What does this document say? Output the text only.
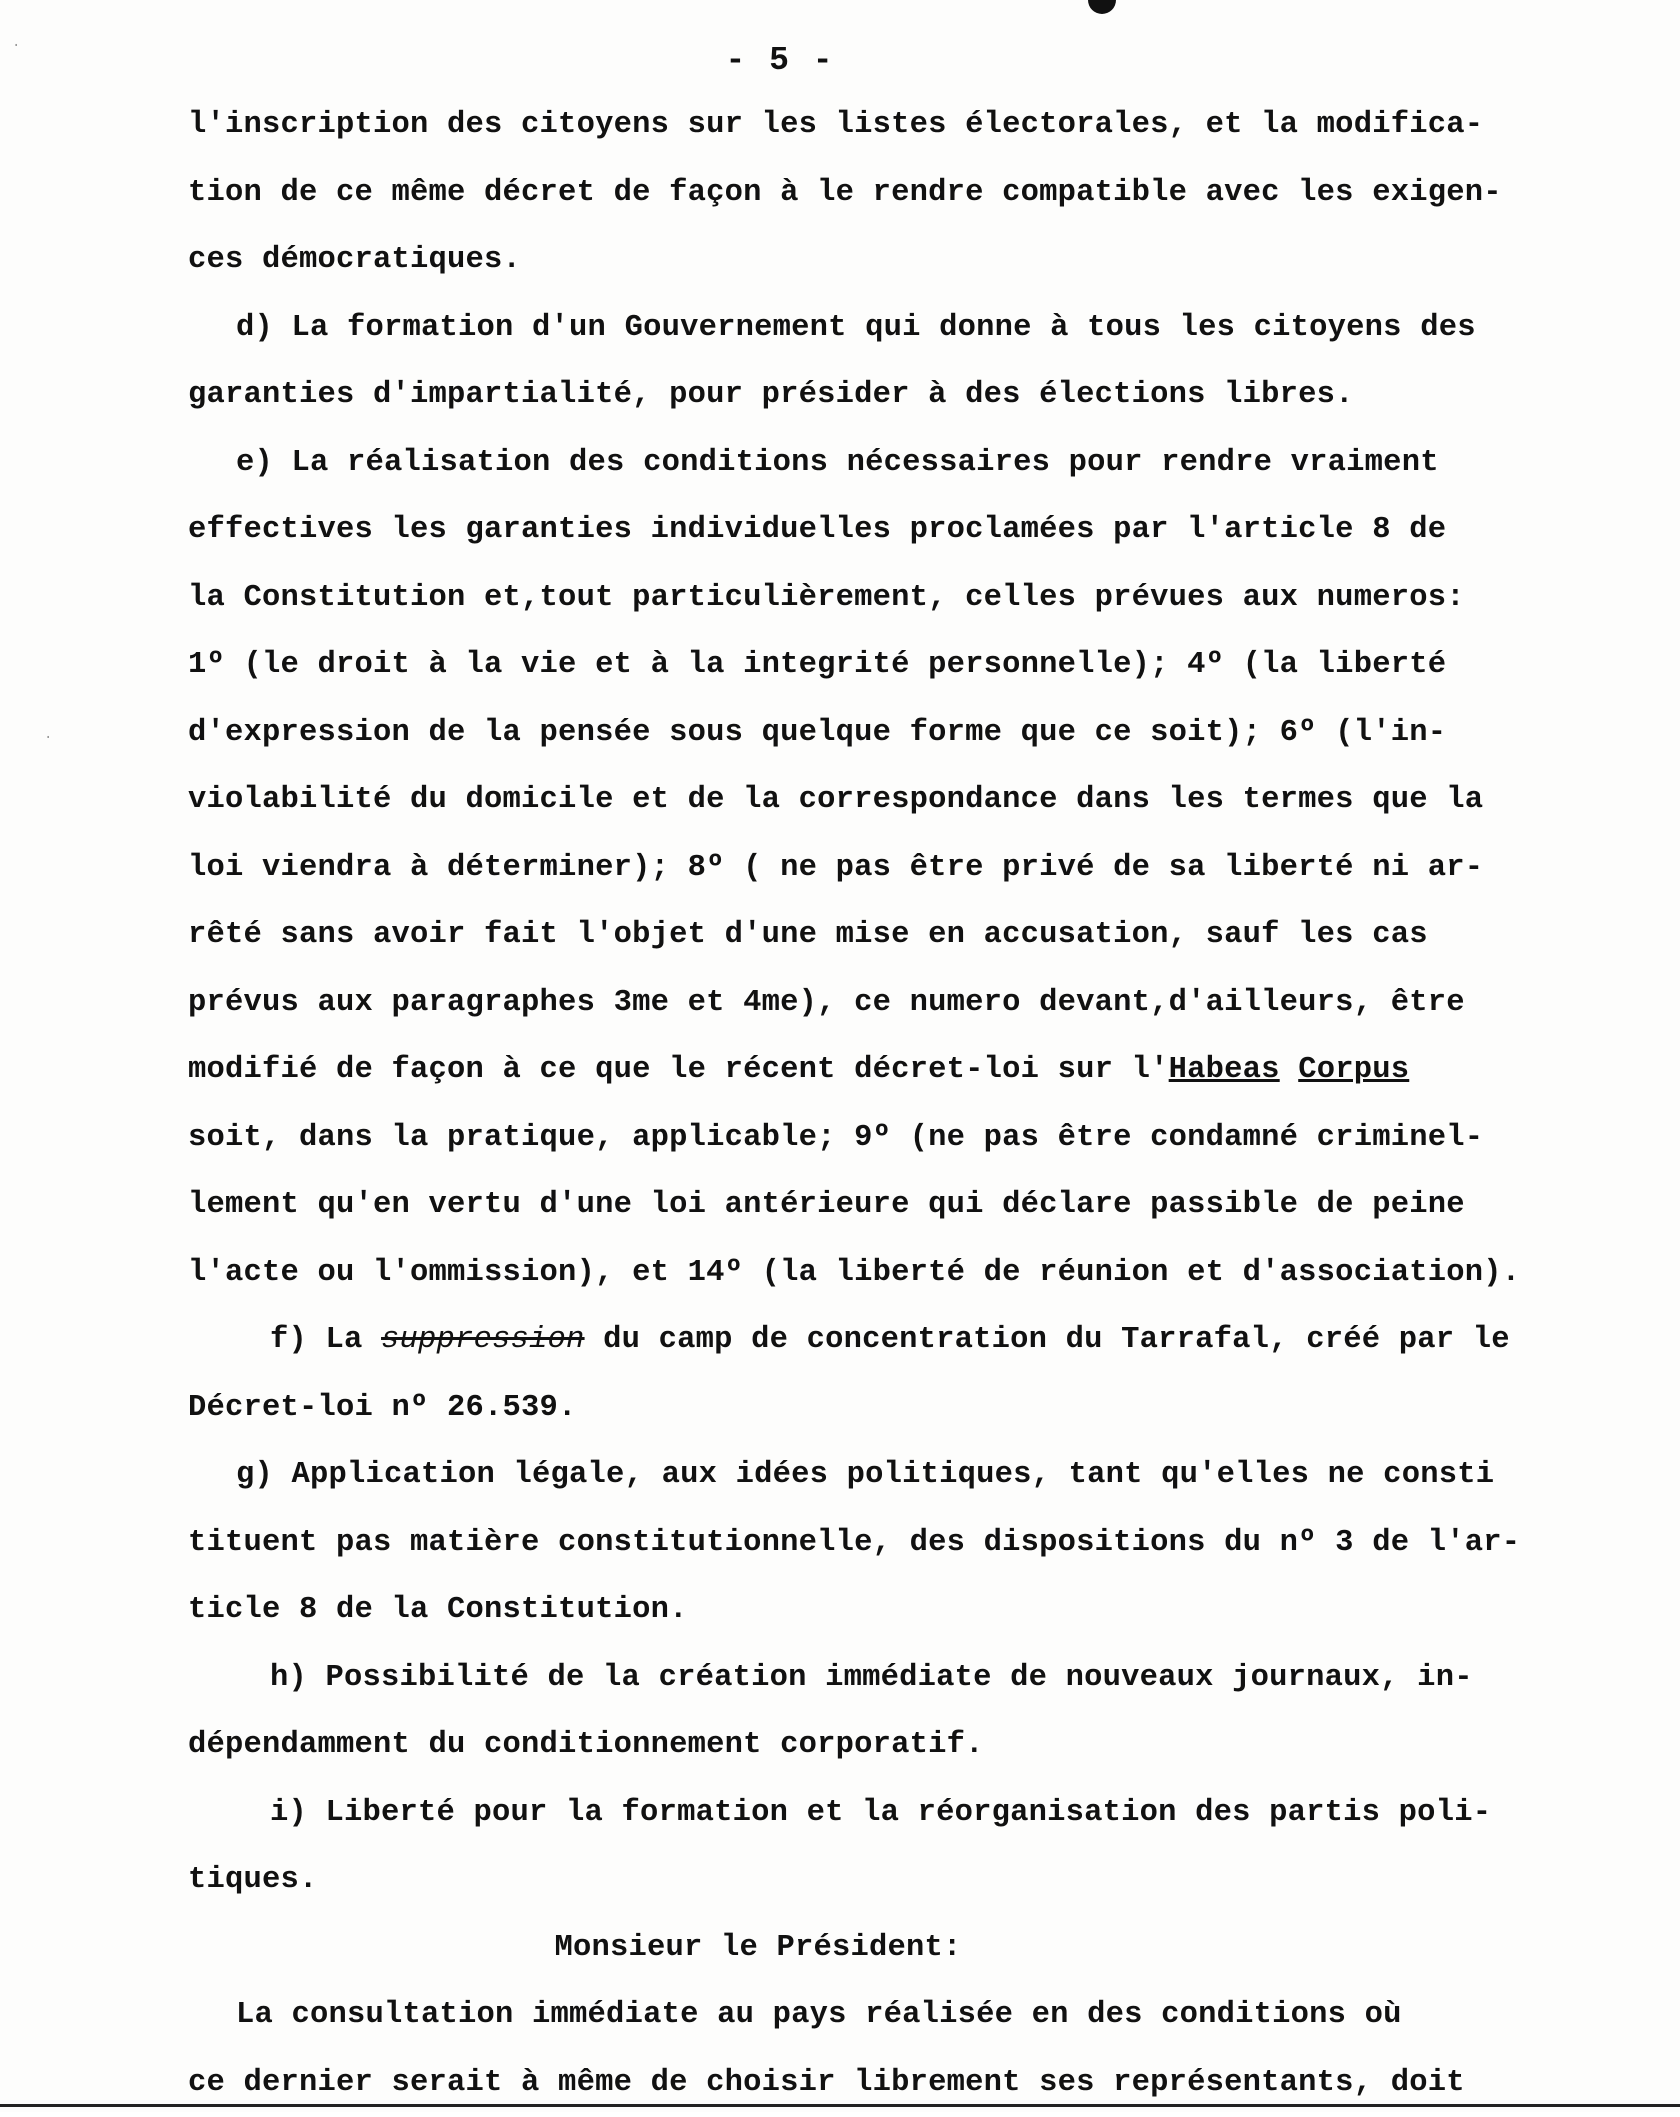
·
·
- 5 -
l'inscription des citoyens sur les listes électorales, et la modifica-
tion de ce même décret de façon à le rendre compatible avec les exigen-
ces démocratiques.
d) La formation d'un Gouvernement qui donne à tous les citoyens des
garanties d'impartialité, pour présider à des élections libres.
e) La réalisation des conditions nécessaires pour rendre vraiment
effectives les garanties individuelles proclamées par l'article 8 de
la Constitution et,tout particulièrement, celles prévues aux numeros:
1º (le droit à la vie et à la integrité personnelle); 4º (la liberté
d'expression de la pensée sous quelque forme que ce soit); 6º (l'in-
violabilité du domicile et de la correspondance dans les termes que la
loi viendra à déterminer); 8º ( ne pas être privé de sa liberté ni ar-
rêté sans avoir fait l'objet d'une mise en accusation, sauf les cas
prévus aux paragraphes 3me et 4me), ce numero devant,d'ailleurs, être
modifié de façon à ce que le récent décret-loi sur l'Habeas Corpus
soit, dans la pratique, applicable; 9º (ne pas être condamné criminel-
lement qu'en vertu d'une loi antérieure qui déclare passible de peine
l'acte ou l'ommission), et 14º (la liberté de réunion et d'association).
f) La suppression du camp de concentration du Tarrafal, créé par le
Décret-loi nº 26.539.
g) Application légale, aux idées politiques, tant qu'elles ne consti
tituent pas matière constitutionnelle, des dispositions du nº 3 de l'ar-
ticle 8 de la Constitution.
h) Possibilité de la création immédiate de nouveaux journaux, in-
dépendamment du conditionnement corporatif.
i) Liberté pour la formation et la réorganisation des partis poli-
tiques.
Monsieur le Président:
La consultation immédiate au pays réalisée en des conditions où
ce dernier serait à même de choisir librement ses représentants, doit
